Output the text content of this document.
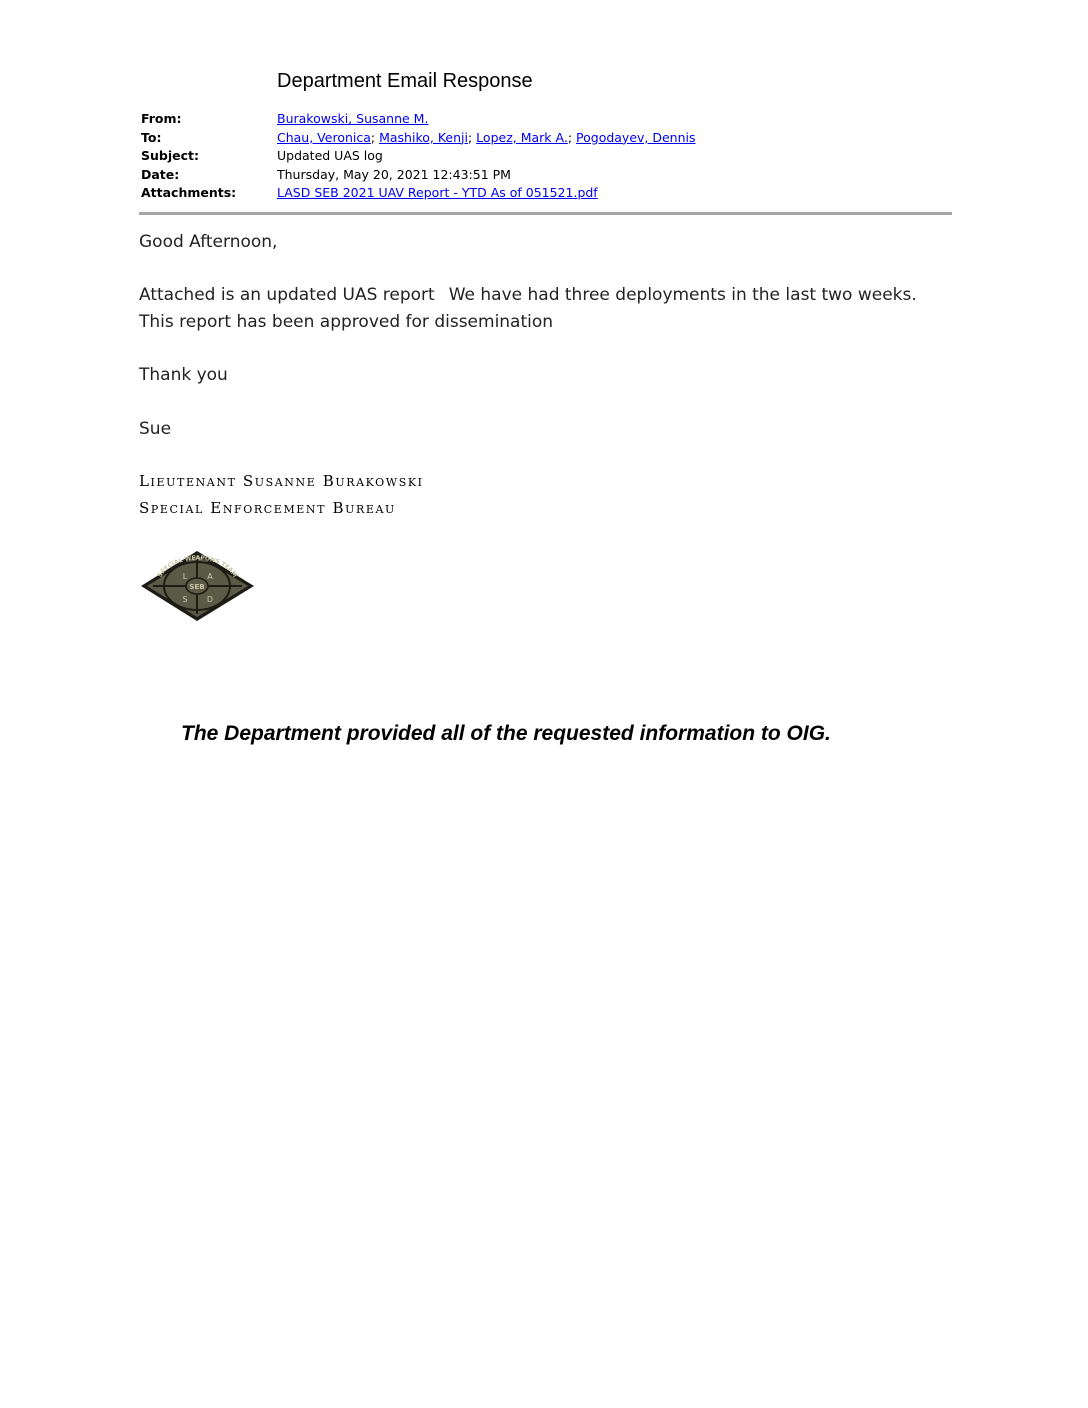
Department Email Response
From:	Burakowski, Susanne M.
To:	Chau, Veronica; Mashiko, Kenji; Lopez, Mark A.; Pogodayev, Dennis
Subject:	Updated UAS log
Date:	Thursday, May 20, 2021 12:43:51 PM
Attachments:	LASD SEB 2021 UAV Report - YTD As of 051521.pdf

Good Afternoon,

Attached is an updated UAS report We have had three deployments in the last two weeks. This report has been approved for dissemination

Thank you

Sue

Lieutenant Susanne Burakowski

Special Enforcement Bureau

SPECIAL WEAPONS TEAM
SEB
L	A
S D

The Department provided all of the requested information to OIG.
